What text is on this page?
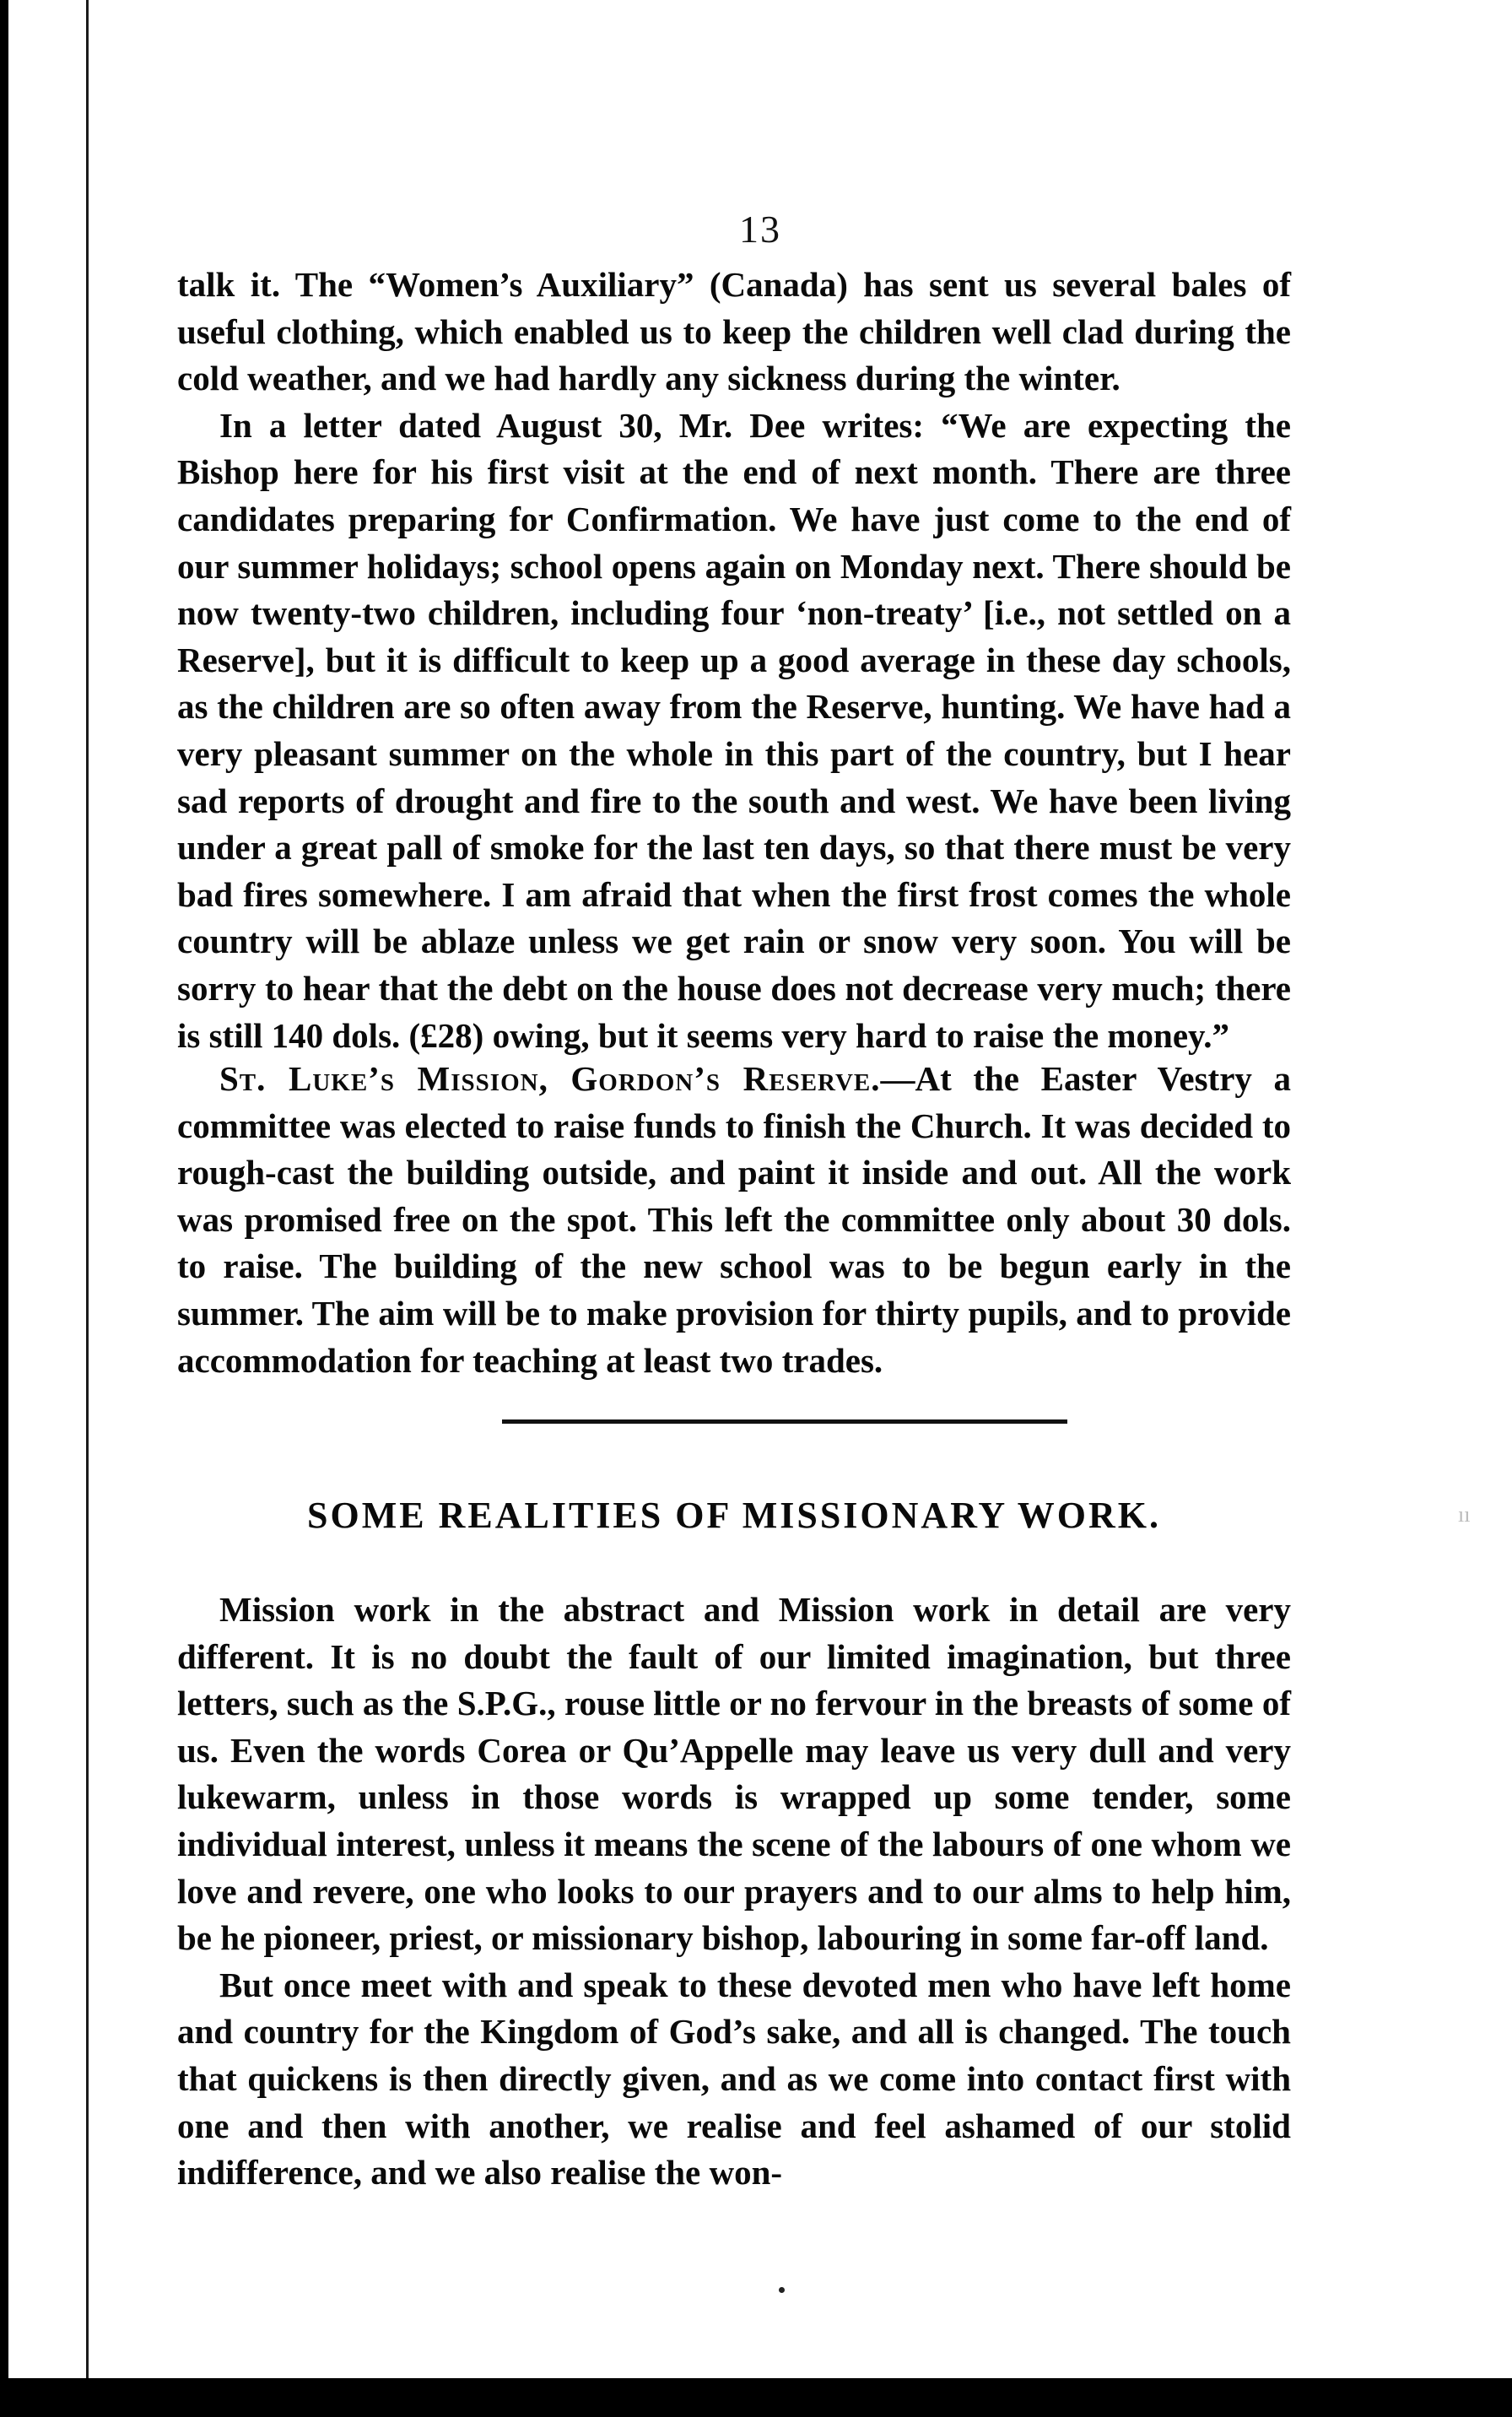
13

talk it. The “Women’s Auxiliary” (Canada) has sent us several bales of useful clothing, which enabled us to keep the children well clad during the cold weather, and we had hardly any sickness during the winter.

In a letter dated August 30, Mr. Dee writes: “We are expecting the Bishop here for his first visit at the end of next month. There are three candidates preparing for Confirmation. We have just come to the end of our summer holidays; school opens again on Monday next. There should be now twenty-two children, including four ‘non-treaty’ [i.e., not settled on a Reserve], but it is difficult to keep up a good average in these day schools, as the children are so often away from the Reserve, hunting. We have had a very pleasant summer on the whole in this part of the country, but I hear sad reports of drought and fire to the south and west. We have been living under a great pall of smoke for the last ten days, so that there must be very bad fires somewhere. I am afraid that when the first frost comes the whole country will be ablaze unless we get rain or snow very soon. You will be sorry to hear that the debt on the house does not decrease very much; there is still 140 dols. (£28) owing, but it seems very hard to raise the money.”

St. Luke’s Mission, Gordon’s Reserve.—At the Easter Vestry a committee was elected to raise funds to finish the Church. It was decided to rough-cast the building outside, and paint it inside and out. All the work was promised free on the spot. This left the committee only about 30 dols. to raise. The building of the new school was to be begun early in the summer. The aim will be to make provision for thirty pupils, and to provide accommodation for teaching at least two trades.

SOME REALITIES OF MISSIONARY WORK.

Mission work in the abstract and Mission work in detail are very different. It is no doubt the fault of our limited imagination, but three letters, such as the S.P.G., rouse little or no fervour in the breasts of some of us. Even the words Corea or Qu’Appelle may leave us very dull and very lukewarm, unless in those words is wrapped up some tender, some individual interest, unless it means the scene of the labours of one whom we love and revere, one who looks to our prayers and to our alms to help him, be he pioneer, priest, or missionary bishop, labouring in some far-off land.

But once meet with and speak to these devoted men who have left home and country for the Kingdom of God’s sake, and all is changed. The touch that quickens is then directly given, and as we come into contact first with one and then with another, we realise and feel ashamed of our stolid indifference, and we also realise the won-

ıı
